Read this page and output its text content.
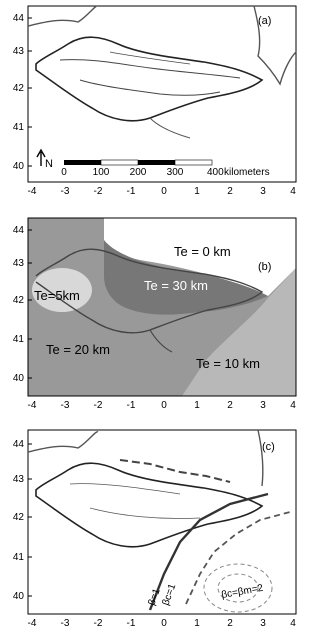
N
0	100 200 300 400 kilometers
(a)
44
43
42
41
40
-4 -3 -2 -1	0	1	2	3 4
(b)
Te = 0 km
Te = 30 km
Te=5km
Te = 20 km
Te = 10 km
44
43
42
41
40
-4 -3 -2 -1	0	1	2	3 4
(c)
β=1
βc=1	βc=βm=2
44
43
42
41
40
-4 -3 -2 -1	0	1	2	3 4
